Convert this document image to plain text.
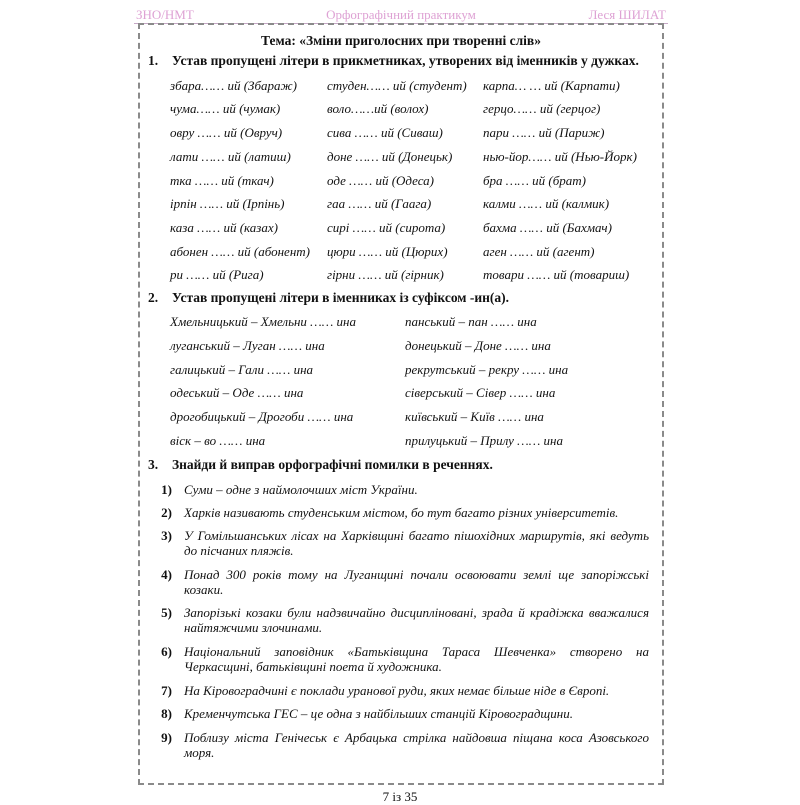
Орфографічний практикум
ЗНО/НМТ	Леся ШИЛАТ
Тема: «Зміни приголосних при творенні слів»
1. Устав пропущені літери в прикметниках, утворених від іменників у дужках.
збара…… ий (Збараж)
чума…… ий (чумак)
овру …… ий (Овруч)
лати …… ий (латиш)
тка …… ий (ткач)
ірпін …… ий (Ірпінь)
каза …… ий (казах)
абонен …… ий (абонент)
ри …… ий (Рига)
студен…… ий (студент)
воло……ий (волох)
сива …… ий (Сиваш)
доне …… ий (Донецьк)
оде …… ий (Одеса)
гаа …… ий (Гаага)
сирі …… ий (сирота)
цюри …… ий (Цюрих)
гірни …… ий (гірник)
карпа… … ий (Карпати)
герцо…… ий (герцог)
пари …… ий (Париж)
нью-йор…… ий (Нью-Йорк)
бра …… ий (брат)
калми …… ий (калмик)
бахма …… ий (Бахмач)
аген …… ий (агент)
товари …… ий (товариш)
2. Устав пропущені літери в іменниках із суфіксом -ин(а).
Хмельницький – Хмельни …… ина
луганський – Луган …… ина
галицький – Гали …… ина
одеський – Оде …… ина
дрогобицький – Дрогоби …… ина
віск – во …… ина
панський – пан …… ина
донецький – Доне …… ина
рекрутський – рекру …… ина
сіверський – Сівер …… ина
київський – Київ …… ина
прилуцький – Прилу …… ина
3. Знайди й виправ орфографічні помилки в реченнях.
1) Суми – одне з наймолочших міст України.
2) Харків називають студенським містом, бо тут багато різних університетів.
3) У Гомільшанських лісах на Харківщині багато пішохідних маршрутів, які ведуть до пісчаних пляжів.
4) Понад 300 років тому на Луганщині почали освоювати землі ще запоріжські козаки.
5) Запорізькі козаки були надзвичайно дисципліновані, зрада й крадіжка вважалися найтяжчими злочинами.
6) Національний заповідник «Батьківщина Тараса Шевченка» створено на Черкасщині, батьківщині поета й художника.
7) На Кіровоградчині є поклади уранової руди, яких немає більше ніде в Європі.
8) Кременчутська ГЕС – це одна з найбільших станцій Кіровоградщини.
9) Поблизу міста Генічеськ є Арбацька стрілка найдовша піщана коса Азовського моря.
7 із 35
